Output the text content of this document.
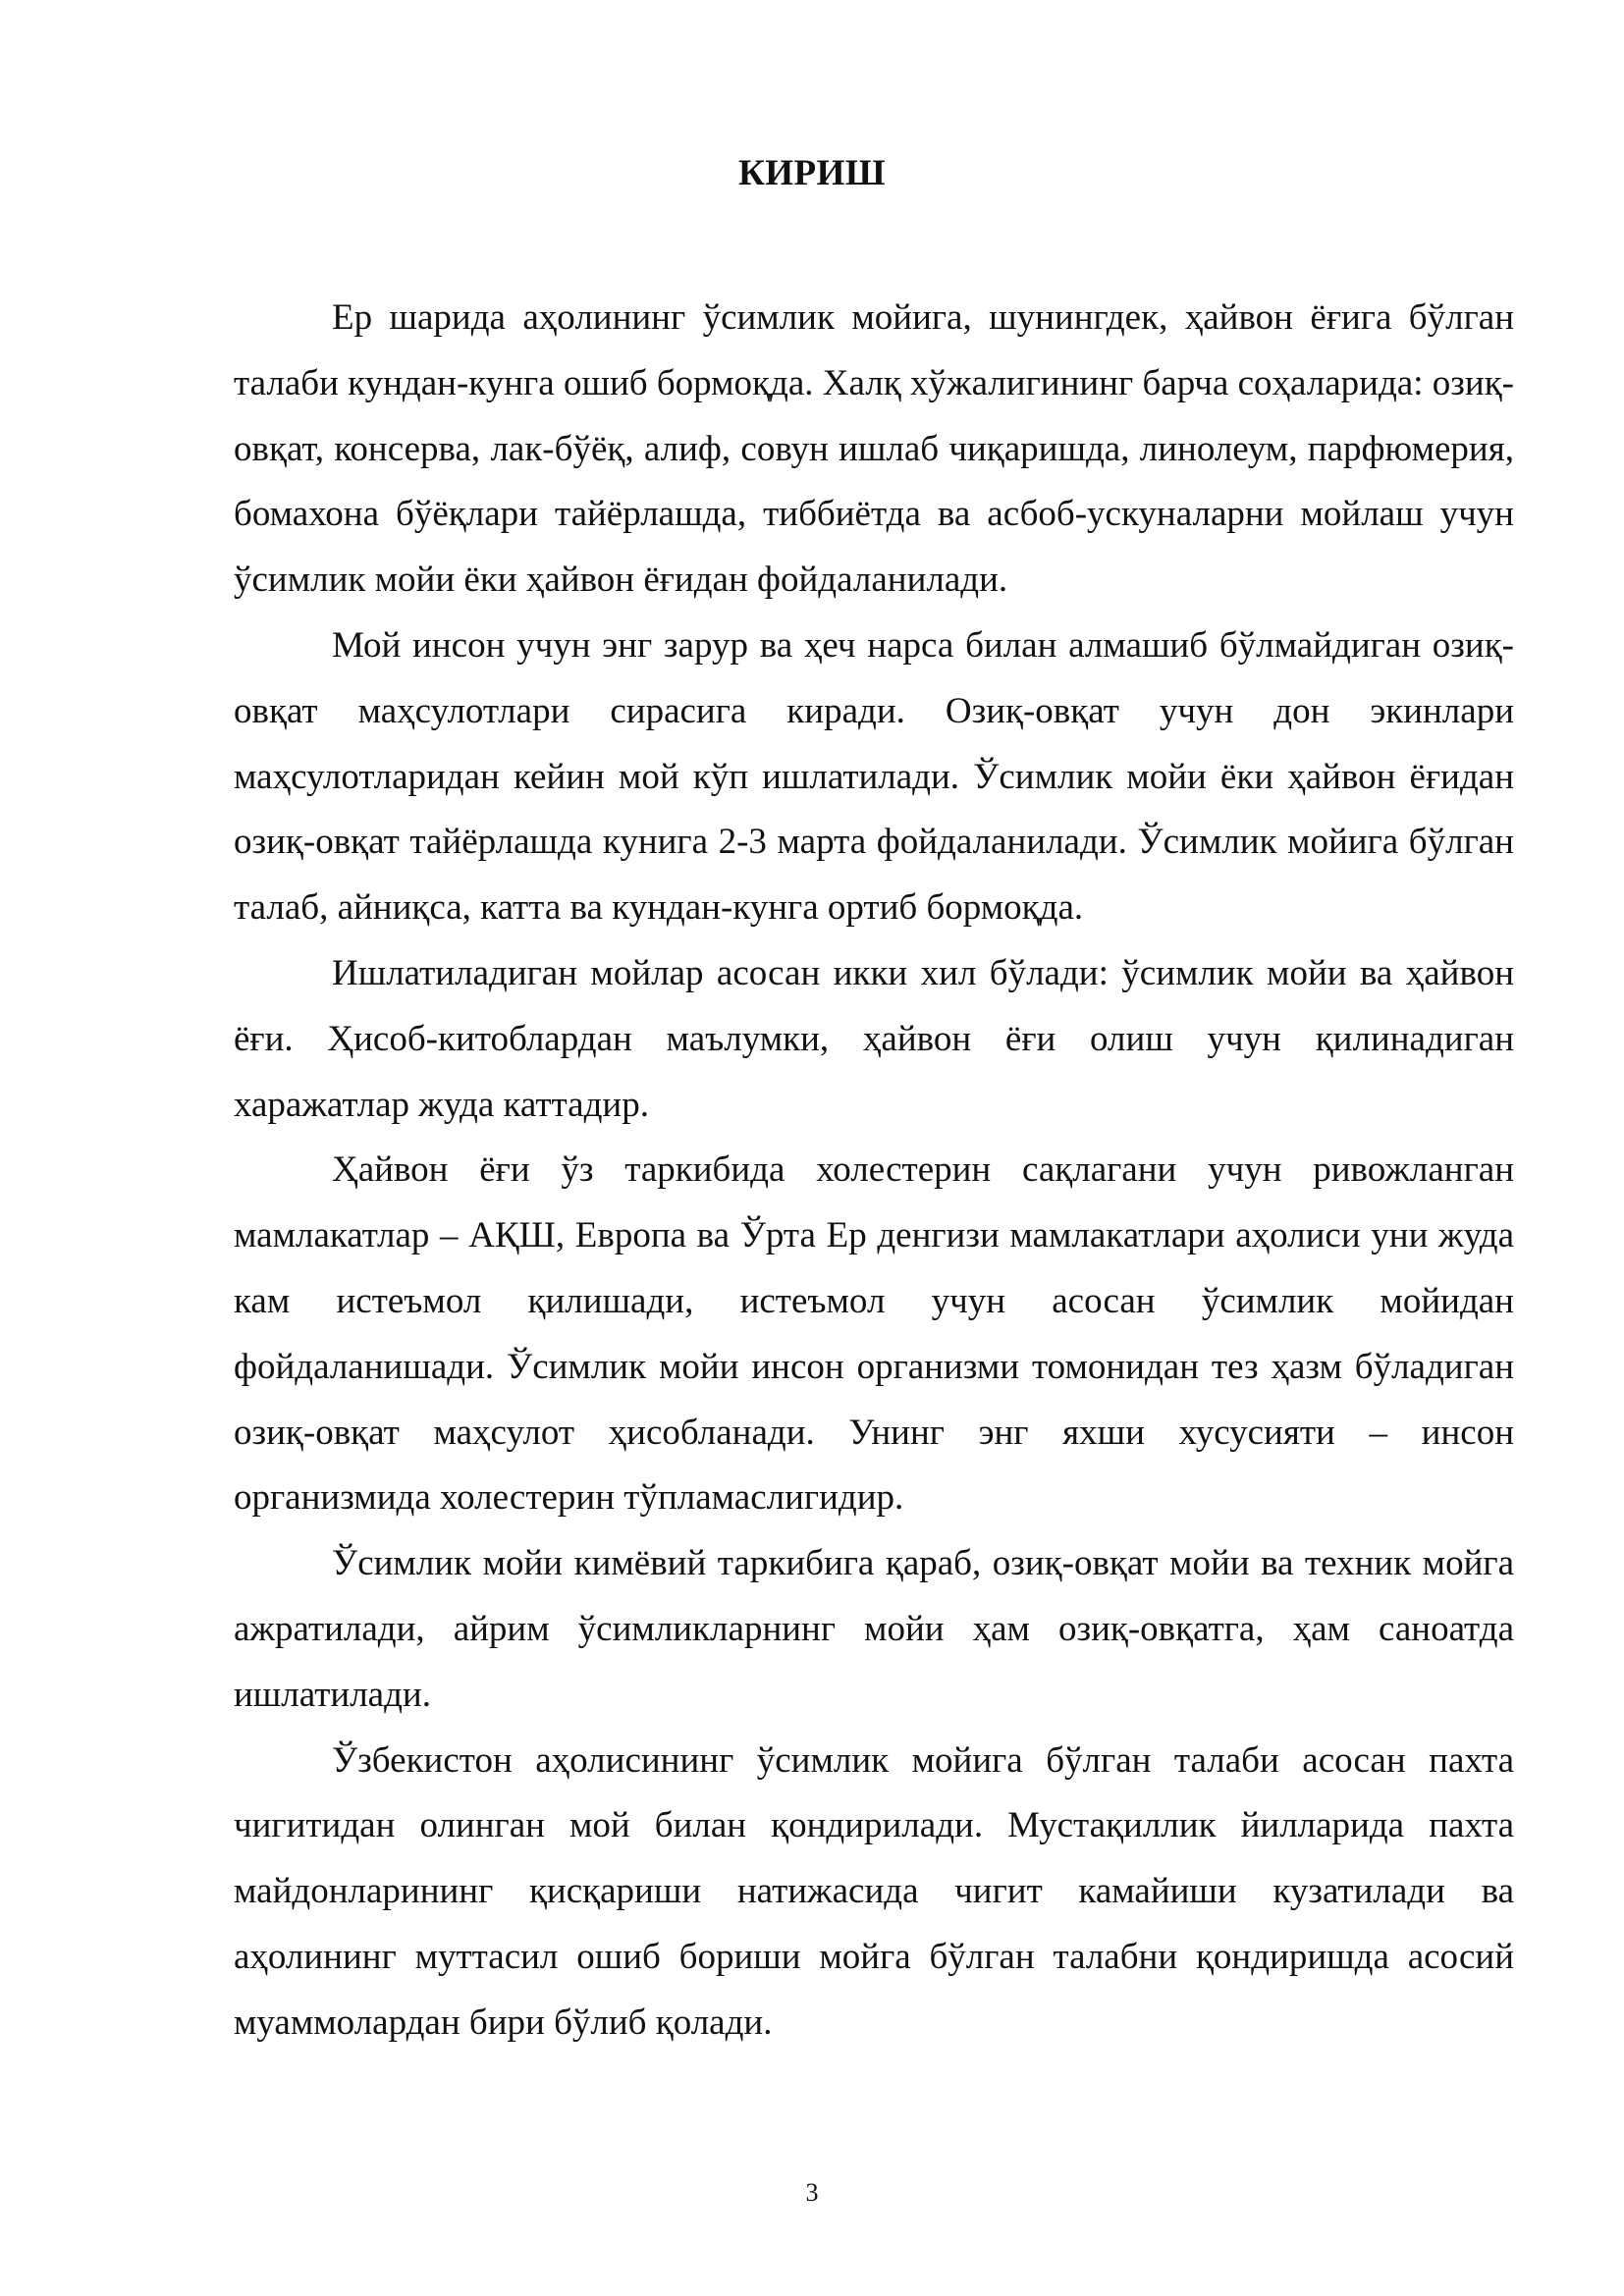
КИРИШ

Ер шарида аҳолининг ўсимлик мойига, шунингдек, ҳайвон ёғига бўлган талаби кундан-кунга ошиб бормоқда. Халқ хўжалигининг барча соҳаларида: озиқ-овқат, консерва, лак-бўёқ, алиф, совун ишлаб чиқаришда, линолеум, парфюмерия, бомахона бўёқлари тайёрлашда, тиббиётда ва асбоб-ускуналарни мойлаш учун ўсимлик мойи ёки ҳайвон ёғидан фойдаланилади.

Мой инсон учун энг зарур ва ҳеч нарса билан алмашиб бўлмайдиган озиқ-овқат маҳсулотлари сирасига киради. Озиқ-овқат учун дон экинлари маҳсулотларидан кейин мой кўп ишлатилади. Ўсимлик мойи ёки ҳайвон ёғидан озиқ-овқат тайёрлашда кунига 2-3 марта фойдаланилади. Ўсимлик мойига бўлган талаб, айниқса, катта ва кундан-кунга ортиб бормоқда.

Ишлатиладиган мойлар асосан икки хил бўлади: ўсимлик мойи ва ҳайвон ёғи. Ҳисоб-китоблардан маълумки, ҳайвон ёғи олиш учун қилинадиган харажатлар жуда каттадир.

Ҳайвон ёғи ўз таркибида холестерин сақлагани учун ривожланган мамлакатлар – АҚШ, Европа ва Ўрта Ер денгизи мамлакатлари аҳолиси уни жуда кам истеъмол қилишади, истеъмол учун асосан ўсимлик мойидан фойдаланишади. Ўсимлик мойи инсон организми томонидан тез ҳазм бўладиган озиқ-овқат маҳсулот ҳисобланади. Унинг энг яхши хусусияти – инсон организмида холестерин тўпламаслигидир.

Ўсимлик мойи кимёвий таркибига қараб, озиқ-овқат мойи ва техник мойга ажратилади, айрим ўсимликларнинг мойи ҳам озиқ-овқатга, ҳам саноатда ишлатилади.

Ўзбекистон аҳолисининг ўсимлик мойига бўлган талаби асосан пахта чигитидан олинган мой билан қондирилади. Мустақиллик йилларида пахта майдонларининг қисқариши натижасида чигит камайиши кузатилади ва аҳолининг муттасил ошиб бориши мойга бўлган талабни қондиришда асосий муаммолардан бири бўлиб қолади.

3
